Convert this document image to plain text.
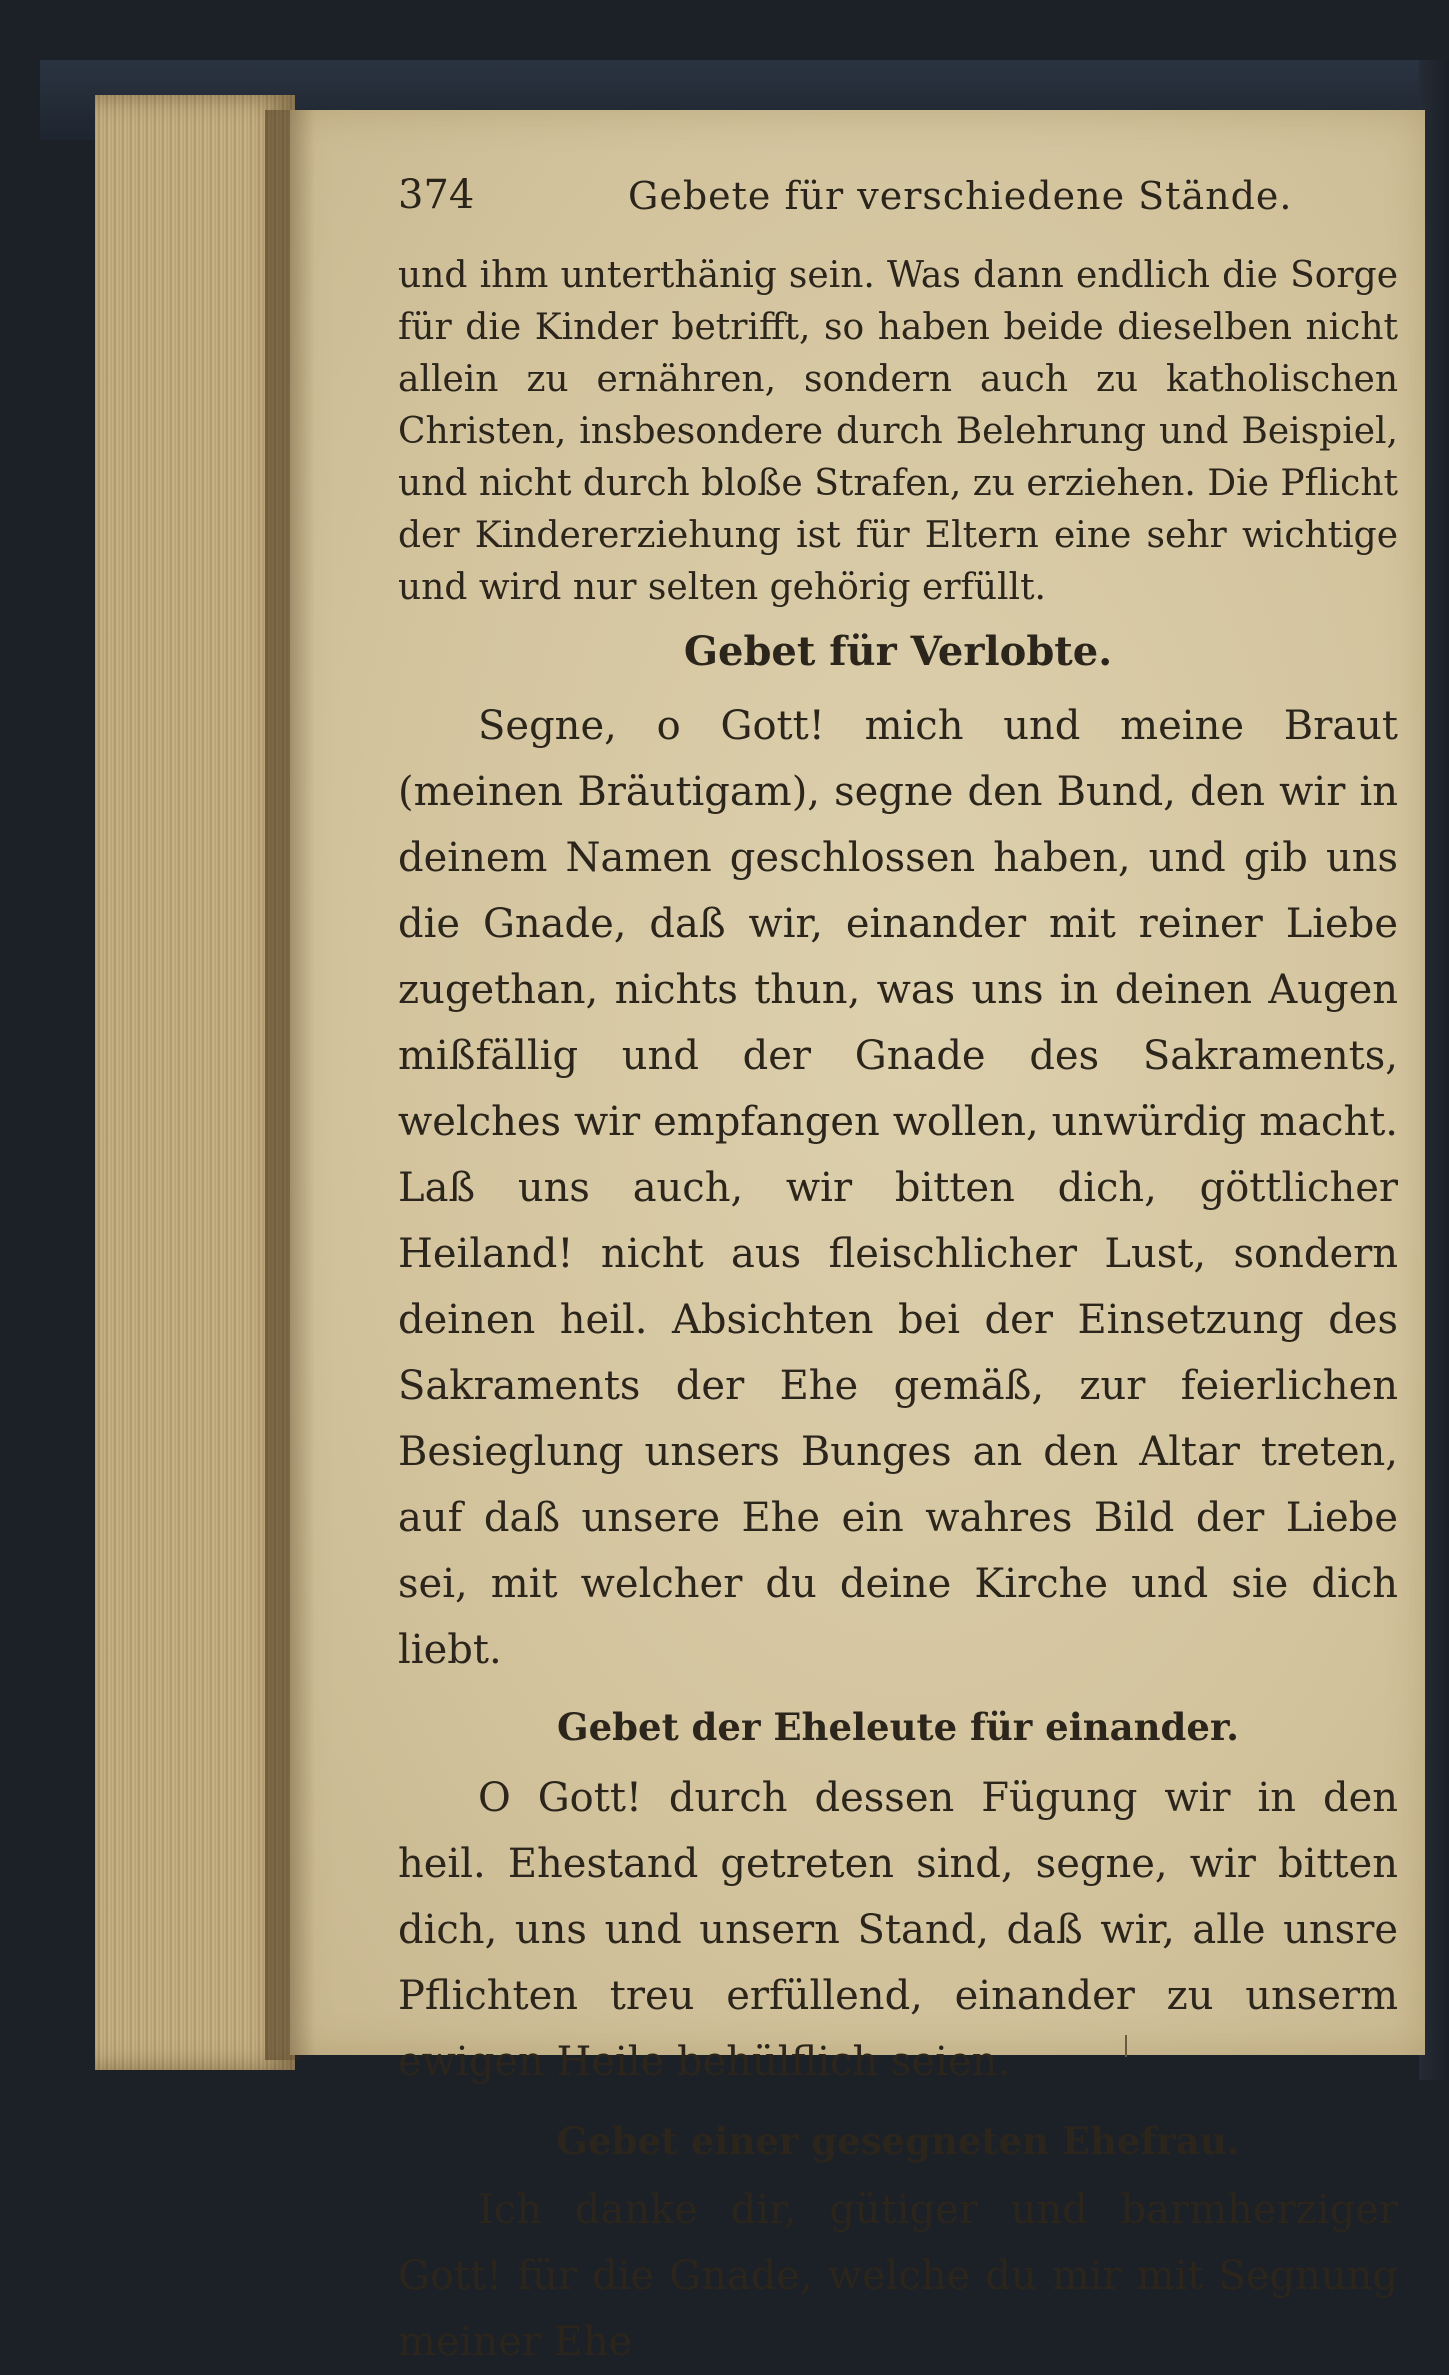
374	Gebete für verschiedene Stände.

und ihm unterthänig sein. Was dann endlich die Sorge für die Kinder betrifft, so haben beide dieselben nicht allein zu ernähren, sondern auch zu katholischen Christen, insbesondere durch Belehrung und Beispiel, und nicht durch bloße Strafen, zu erziehen. Die Pflicht der Kindererziehung ist für Eltern eine sehr wichtige und wird nur selten gehörig erfüllt.

Gebet für Verlobte.

Segne, o Gott! mich und meine Braut (meinen Bräutigam), segne den Bund, den wir in deinem Namen geschlossen haben, und gib uns die Gnade, daß wir, einander mit reiner Liebe zugethan, nichts thun, was uns in deinen Augen mißfällig und der Gnade des Sakraments, welches wir empfangen wollen, unwürdig macht. Laß uns auch, wir bitten dich, göttlicher Heiland! nicht aus fleischlicher Lust, sondern deinen heil. Absichten bei der Einsetzung des Sakraments der Ehe gemäß, zur feierlichen Besieglung unsers Bunges an den Altar treten, auf daß unsere Ehe ein wahres Bild der Liebe sei, mit welcher du deine Kirche und sie dich liebt.

Gebet der Eheleute für einander.

O Gott! durch dessen Fügung wir in den heil. Ehestand getreten sind, segne, wir bitten dich, uns und unsern Stand, daß wir, alle unsre Pflichten treu erfüllend, einander zu unserm ewigen Heile behülflich seien.

Gebet einer gesegneten Ehefrau.

Ich danke dir, gütiger und barmherziger Gott! für die Gnade, welche du mir mit Segnung meiner Ehe
